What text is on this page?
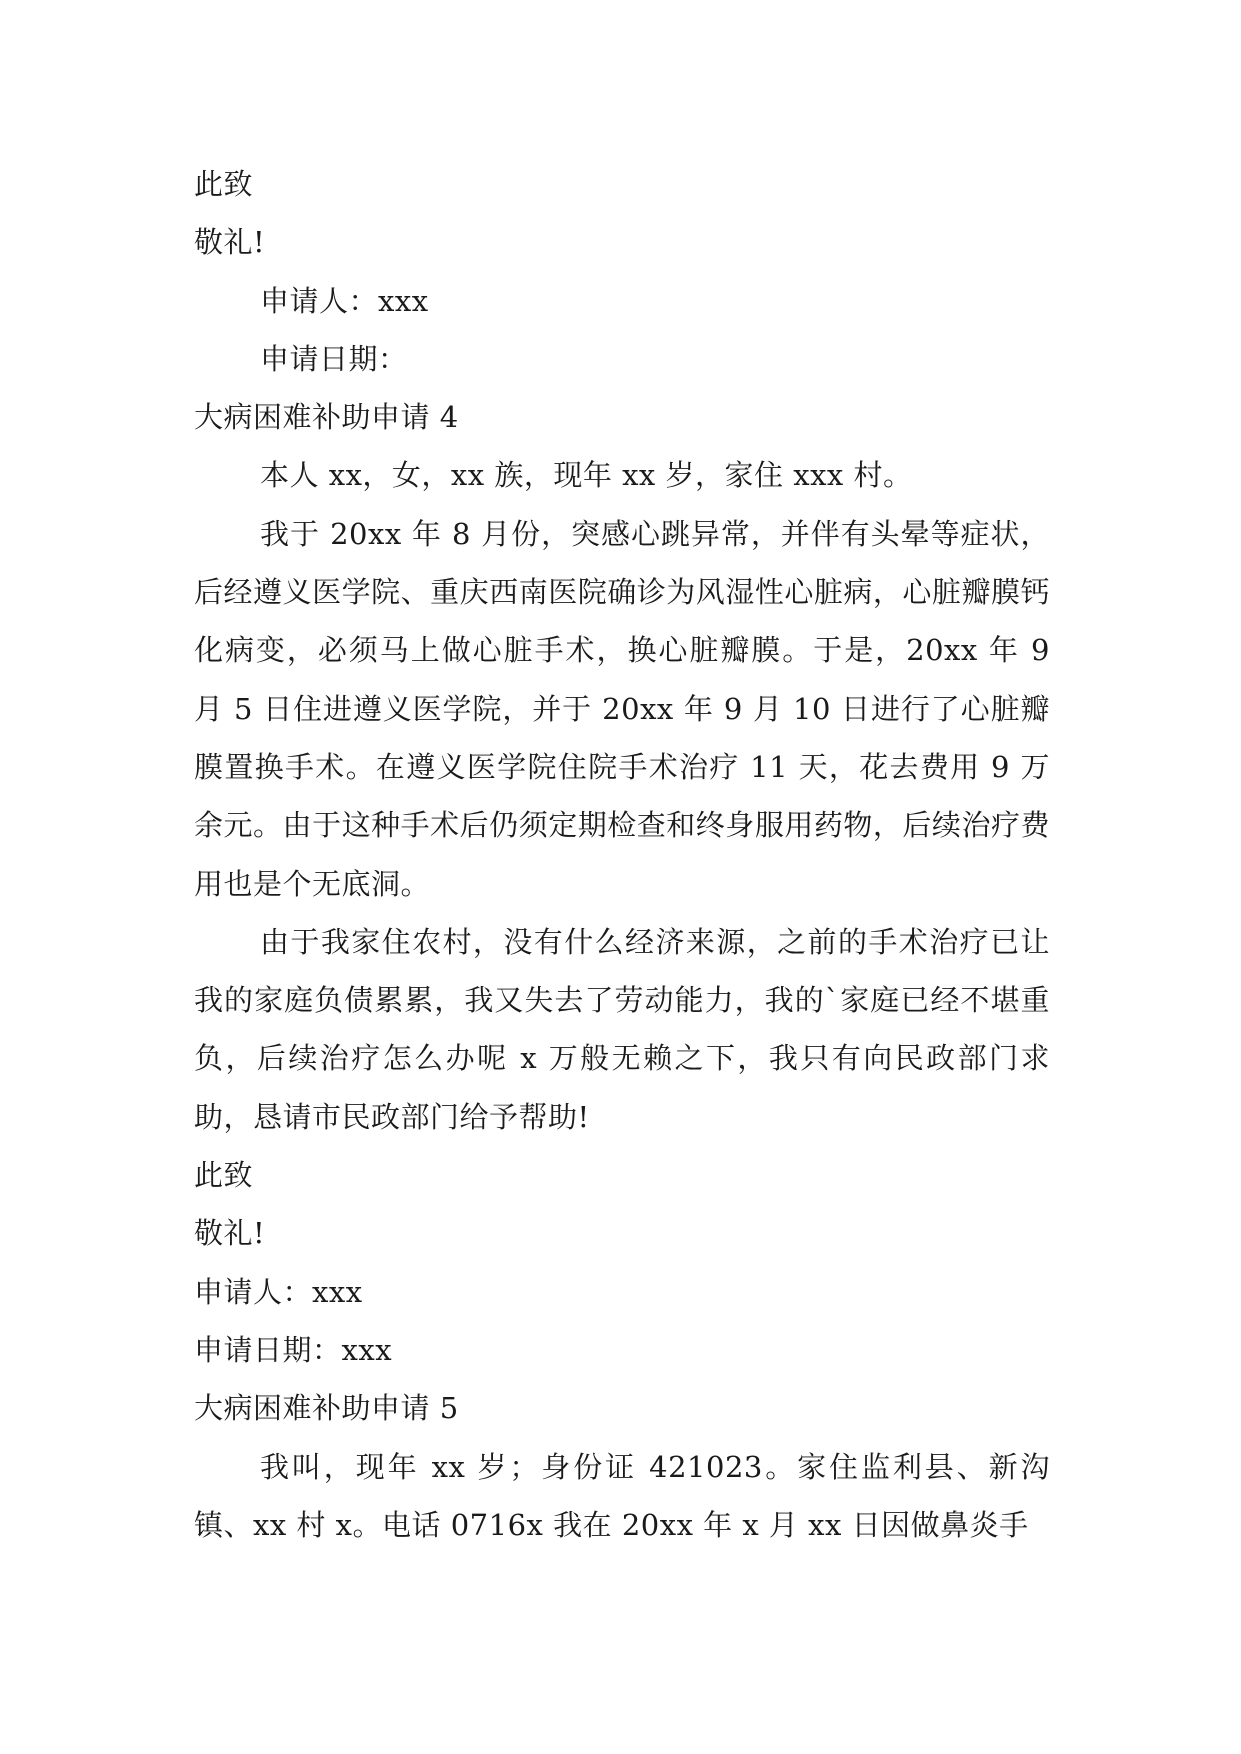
此致
敬礼!
申请人：xxx
申请日期：
大病困难补助申请 4
本人 xx，女，xx 族，现年 xx 岁，家住 xxx 村。
我于 20xx 年 8 月份，突感心跳异常，并伴有头晕等症状，后经遵义医学院、重庆西南医院确诊为风湿性心脏病，心脏瓣膜钙化病变，必须马上做心脏手术，换心脏瓣膜。于是，20xx 年 9 月 5 日住进遵义医学院，并于 20xx 年 9 月 10 日进行了心脏瓣膜置换手术。在遵义医学院住院手术治疗 11 天，花去费用 9 万余元。由于这种手术后仍须定期检查和终身服用药物，后续治疗费用也是个无底洞。
由于我家住农村，没有什么经济来源，之前的手术治疗已让我的家庭负债累累，我又失去了劳动能力，我的`家庭已经不堪重负，后续治疗怎么办呢 x 万般无赖之下，我只有向民政部门求助，恳请市民政部门给予帮助!
此致
敬礼!
申请人：xxx
申请日期：xxx
大病困难补助申请 5
我叫，现年 xx 岁；身份证 421023。家住监利县、新沟镇、xx 村 x。电话 0716x 我在 20xx 年 x 月 xx 日因做鼻炎手
